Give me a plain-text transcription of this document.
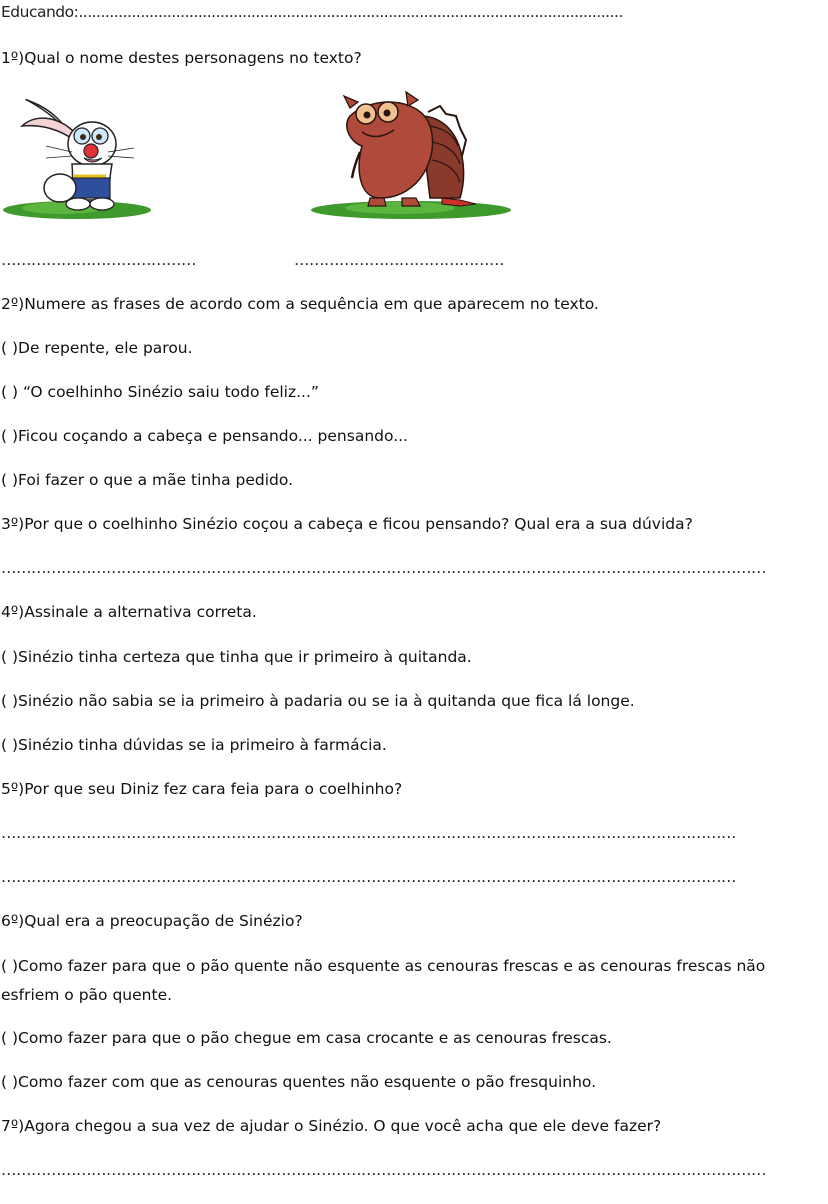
Educando:...........................................................................................................................
1º)Qual o nome destes personagens no texto?
…………………………………	……………………………………
2º)Numere as frases de acordo com a sequência em que aparecem no texto.
( )De repente, ele parou.
( ) “O coelhinho Sinézio saiu todo feliz...”
( )Ficou coçando a cabeça e pensando... pensando...
( )Foi fazer o que a mãe tinha pedido.
3º)Por que o coelhinho Sinézio coçou a cabeça e ficou pensando? Qual era a sua dúvida?
………………………………………………………………………………………………………………………………………
4º)Assinale a alternativa correta.
( )Sinézio tinha certeza que tinha que ir primeiro à quitanda.
( )Sinézio não sabia se ia primeiro à padaria ou se ia à quitanda que fica lá longe.
( )Sinézio tinha dúvidas se ia primeiro à farmácia.
5º)Por que seu Diniz fez cara feia para o coelhinho?
…………………………………………………………………………………………………………………………………
…………………………………………………………………………………………………………………………………
6º)Qual era a preocupação de Sinézio?
( )Como fazer para que o pão quente não esquente as cenouras frescas e as cenouras frescas não esfriem o pão quente.
( )Como fazer para que o pão chegue em casa crocante e as cenouras frescas.
( )Como fazer com que as cenouras quentes não esquente o pão fresquinho.
7º)Agora chegou a sua vez de ajudar o Sinézio. O que você acha que ele deve fazer?
………………………………………………………………………………………………………………………………………
